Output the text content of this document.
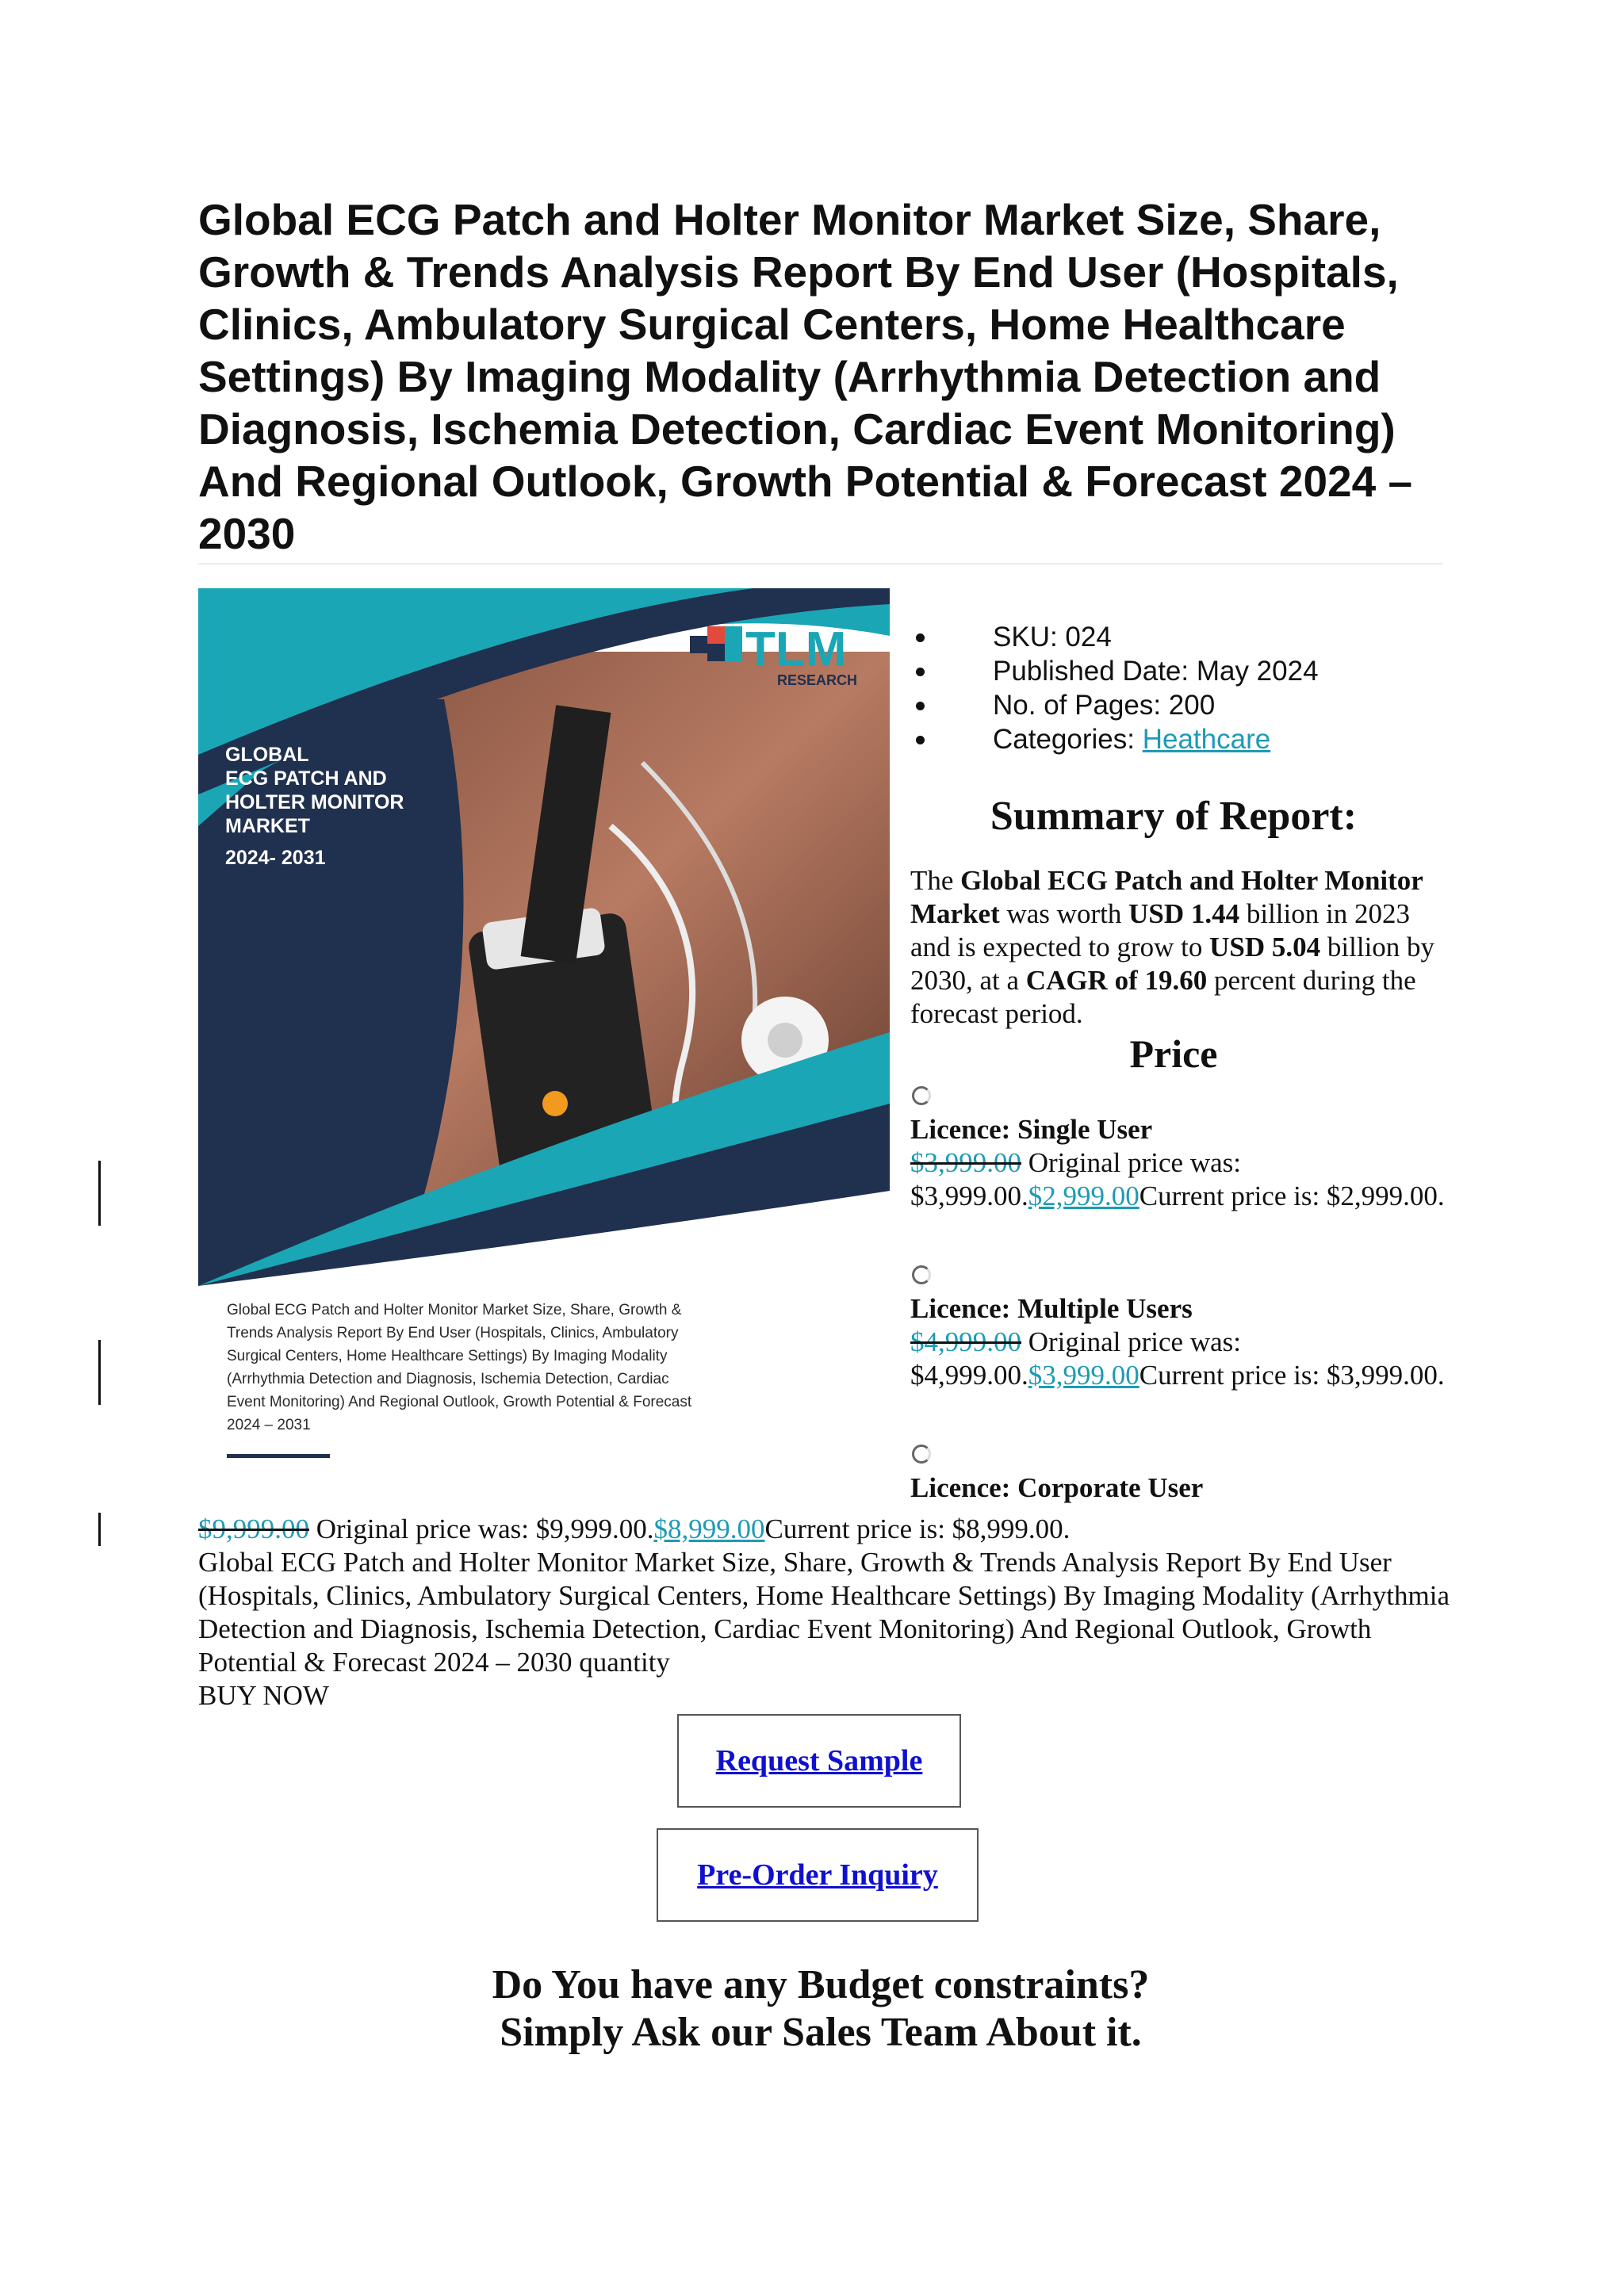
Global ECG Patch and Holter Monitor Market Size, Share, Growth & Trends Analysis Report By End User (Hospitals, Clinics, Ambulatory Surgical Centers, Home Healthcare Settings) By Imaging Modality (Arrhythmia Detection and Diagnosis, Ischemia Detection, Cardiac Event Monitoring) And Regional Outlook, Growth Potential & Forecast 2024 – 2030
TLM
RESEARCH
GLOBAL ECG PATCH AND HOLTER MONITOR MARKET 2024- 2031
Global ECG Patch and Holter Monitor Market Size, Share, Growth & Trends Analysis Report By End User (Hospitals, Clinics, Ambulatory Surgical Centers, Home Healthcare Settings) By Imaging Modality (Arrhythmia Detection and Diagnosis, Ischemia Detection, Cardiac Event Monitoring) And Regional Outlook, Growth Potential & Forecast 2024 – 2031
SKU: 024
Published Date: May 2024
No. of Pages: 200
Categories: Heathcare
Summary of Report:
The Global ECG Patch and Holter Monitor Market was worth USD 1.44 billion in 2023 and is expected to grow to USD 5.04 billion by 2030, at a CAGR of 19.60 percent during the forecast period.
Price
Licence: Single User
$3,999.00 Original price was: $3,999.00.$2,999.00Current price is: $2,999.00.
Licence: Multiple Users
$4,999.00 Original price was: $4,999.00.$3,999.00Current price is: $3,999.00.
Licence: Corporate User
$9,999.00 Original price was: $9,999.00.$8,999.00Current price is: $8,999.00.
Global ECG Patch and Holter Monitor Market Size, Share, Growth & Trends Analysis Report By End User (Hospitals, Clinics, Ambulatory Surgical Centers, Home Healthcare Settings) By Imaging Modality (Arrhythmia Detection and Diagnosis, Ischemia Detection, Cardiac Event Monitoring) And Regional Outlook, Growth Potential & Forecast 2024 – 2030 quantity
BUY NOW
Request Sample
Pre-Order Inquiry
Do You have any Budget constraints?
Simply Ask our Sales Team About it.
